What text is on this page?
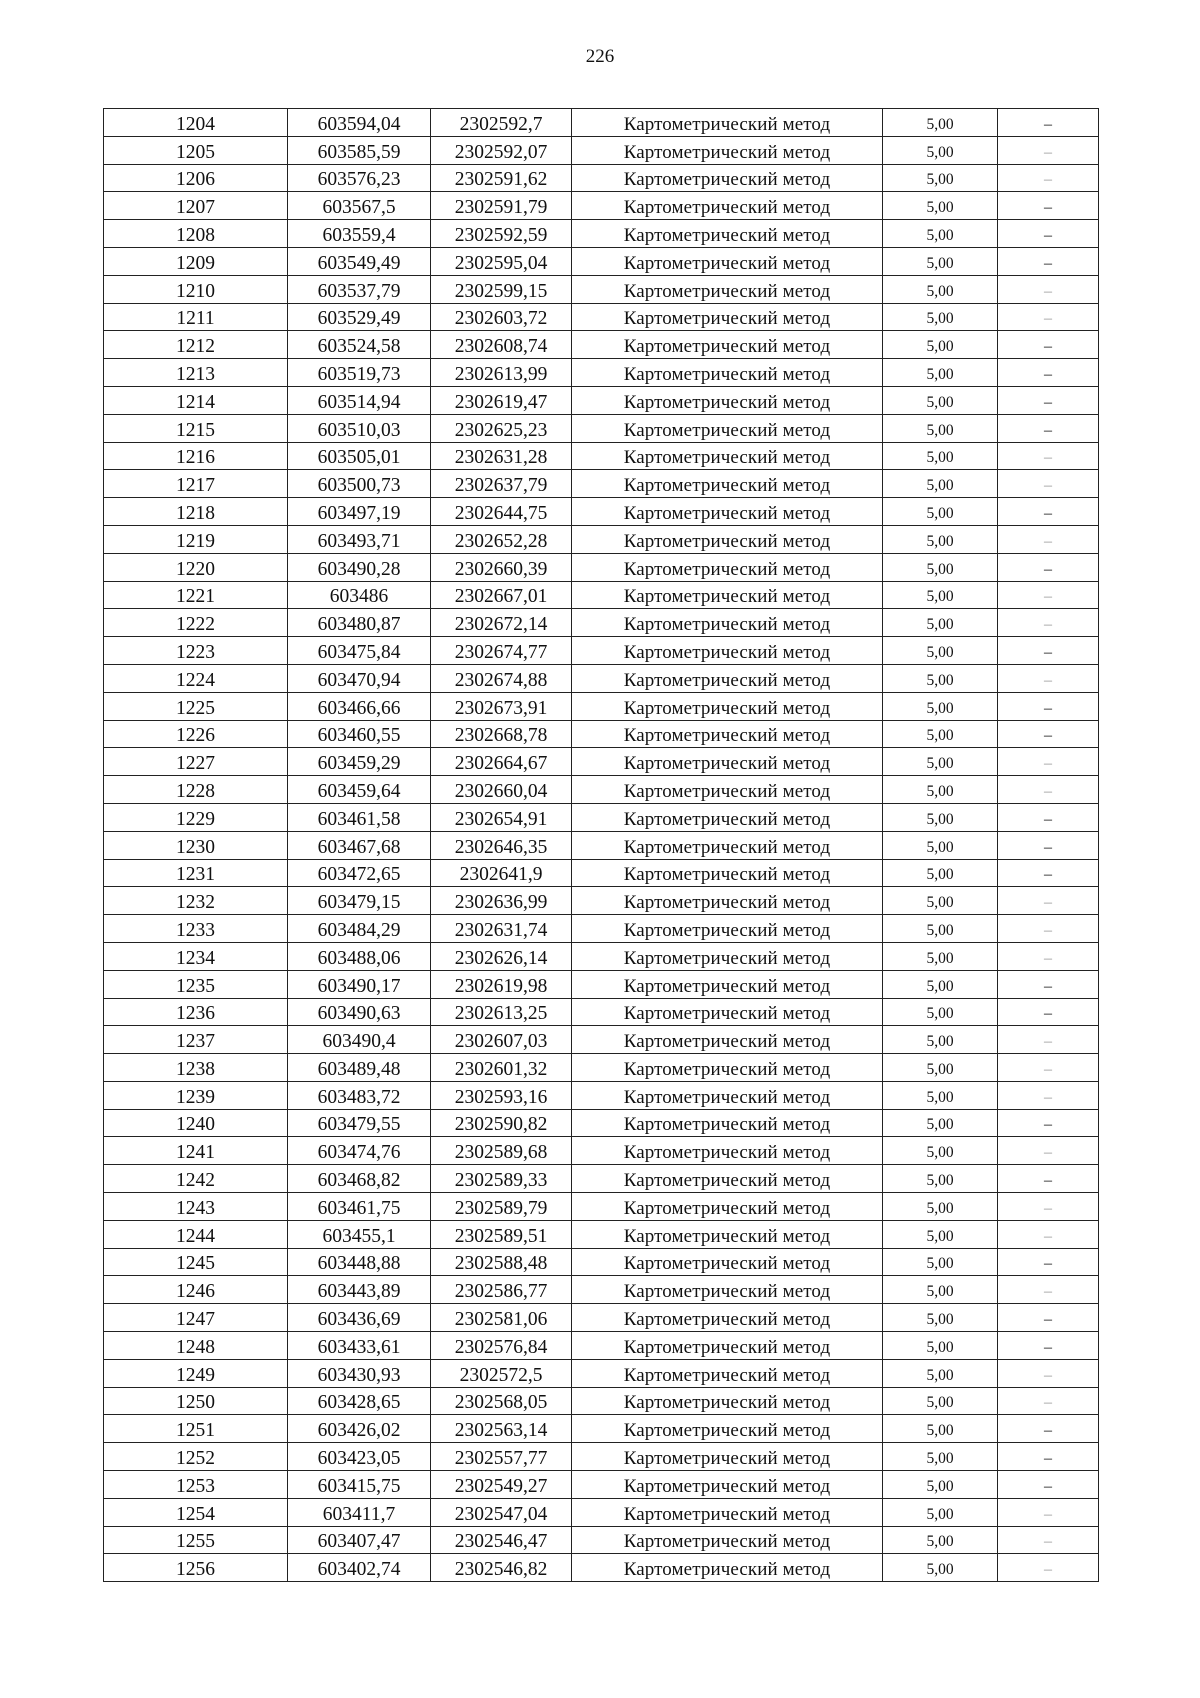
226
1204	603594,04	2302592,7	Картометрический метод	5,00	–
1205	603585,59	2302592,07	Картометрический метод	5,00	–
1206	603576,23	2302591,62	Картометрический метод	5,00	–
1207	603567,5	2302591,79	Картометрический метод	5,00	–
1208	603559,4	2302592,59	Картометрический метод	5,00	–
1209	603549,49	2302595,04	Картометрический метод	5,00	–
1210	603537,79	2302599,15	Картометрический метод	5,00	–
1211	603529,49	2302603,72	Картометрический метод	5,00	–
1212	603524,58	2302608,74	Картометрический метод	5,00	–
1213	603519,73	2302613,99	Картометрический метод	5,00	–
1214	603514,94	2302619,47	Картометрический метод	5,00	–
1215	603510,03	2302625,23	Картометрический метод	5,00	–
1216	603505,01	2302631,28	Картометрический метод	5,00	–
1217	603500,73	2302637,79	Картометрический метод	5,00	–
1218	603497,19	2302644,75	Картометрический метод	5,00	–
1219	603493,71	2302652,28	Картометрический метод	5,00	–
1220	603490,28	2302660,39	Картометрический метод	5,00	–
1221	603486	2302667,01	Картометрический метод	5,00	–
1222	603480,87	2302672,14	Картометрический метод	5,00	–
1223	603475,84	2302674,77	Картометрический метод	5,00	–
1224	603470,94	2302674,88	Картометрический метод	5,00	–
1225	603466,66	2302673,91	Картометрический метод	5,00	–
1226	603460,55	2302668,78	Картометрический метод	5,00	–
1227	603459,29	2302664,67	Картометрический метод	5,00	–
1228	603459,64	2302660,04	Картометрический метод	5,00	–
1229	603461,58	2302654,91	Картометрический метод	5,00	–
1230	603467,68	2302646,35	Картометрический метод	5,00	–
1231	603472,65	2302641,9	Картометрический метод	5,00	–
1232	603479,15	2302636,99	Картометрический метод	5,00	–
1233	603484,29	2302631,74	Картометрический метод	5,00	–
1234	603488,06	2302626,14	Картометрический метод	5,00	–
1235	603490,17	2302619,98	Картометрический метод	5,00	–
1236	603490,63	2302613,25	Картометрический метод	5,00	–
1237	603490,4	2302607,03	Картометрический метод	5,00	–
1238	603489,48	2302601,32	Картометрический метод	5,00	–
1239	603483,72	2302593,16	Картометрический метод	5,00	–
1240	603479,55	2302590,82	Картометрический метод	5,00	–
1241	603474,76	2302589,68	Картометрический метод	5,00	–
1242	603468,82	2302589,33	Картометрический метод	5,00	–
1243	603461,75	2302589,79	Картометрический метод	5,00	–
1244	603455,1	2302589,51	Картометрический метод	5,00	–
1245	603448,88	2302588,48	Картометрический метод	5,00	–
1246	603443,89	2302586,77	Картометрический метод	5,00	–
1247	603436,69	2302581,06	Картометрический метод	5,00	–
1248	603433,61	2302576,84	Картометрический метод	5,00	–
1249	603430,93	2302572,5	Картометрический метод	5,00	–
1250	603428,65	2302568,05	Картометрический метод	5,00	–
1251	603426,02	2302563,14	Картометрический метод	5,00	–
1252	603423,05	2302557,77	Картометрический метод	5,00	–
1253	603415,75	2302549,27	Картометрический метод	5,00	–
1254	603411,7	2302547,04	Картометрический метод	5,00	–
1255	603407,47	2302546,47	Картометрический метод	5,00	–
1256	603402,74	2302546,82	Картометрический метод	5,00	–
